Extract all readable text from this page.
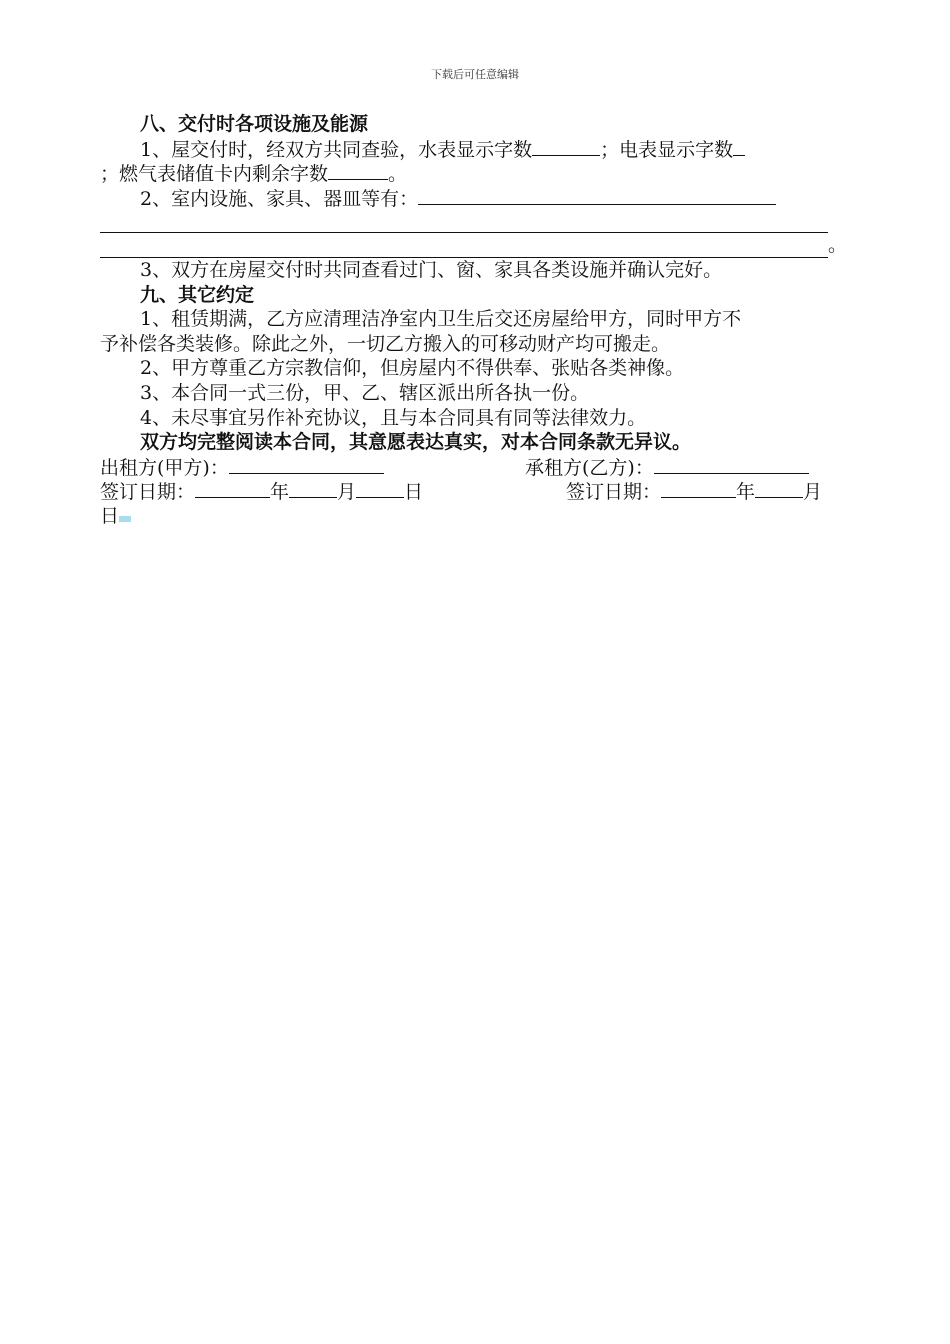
下载后可任意编辑
八、交付时各项设施及能源
1、屋交付时，经双方共同查验，水表显示字数	；电表显示字数
；燃气表储值卡内剩余字数	。
2、室内设施、家具、器皿等有：
。
3、双方在房屋交付时共同查看过门、窗、家具各类设施并确认完好。
九、其它约定
1、租赁期满，乙方应清理洁净室内卫生后交还房屋给甲方，同时甲方不
予补偿各类装修。除此之外，一切乙方搬入的可移动财产均可搬走。
2、甲方尊重乙方宗教信仰，但房屋内不得供奉、张贴各类神像。
3、本合同一式三份，甲、乙、辖区派出所各执一份。
4、未尽事宜另作补充协议，且与本合同具有同等法律效力。
双方均完整阅读本合同，其意愿表达真实，对本合同条款无异议。
出租方(甲方)：	承租方(乙方)：
签订日期：	年	月	日	签订日期：	年	月
日
